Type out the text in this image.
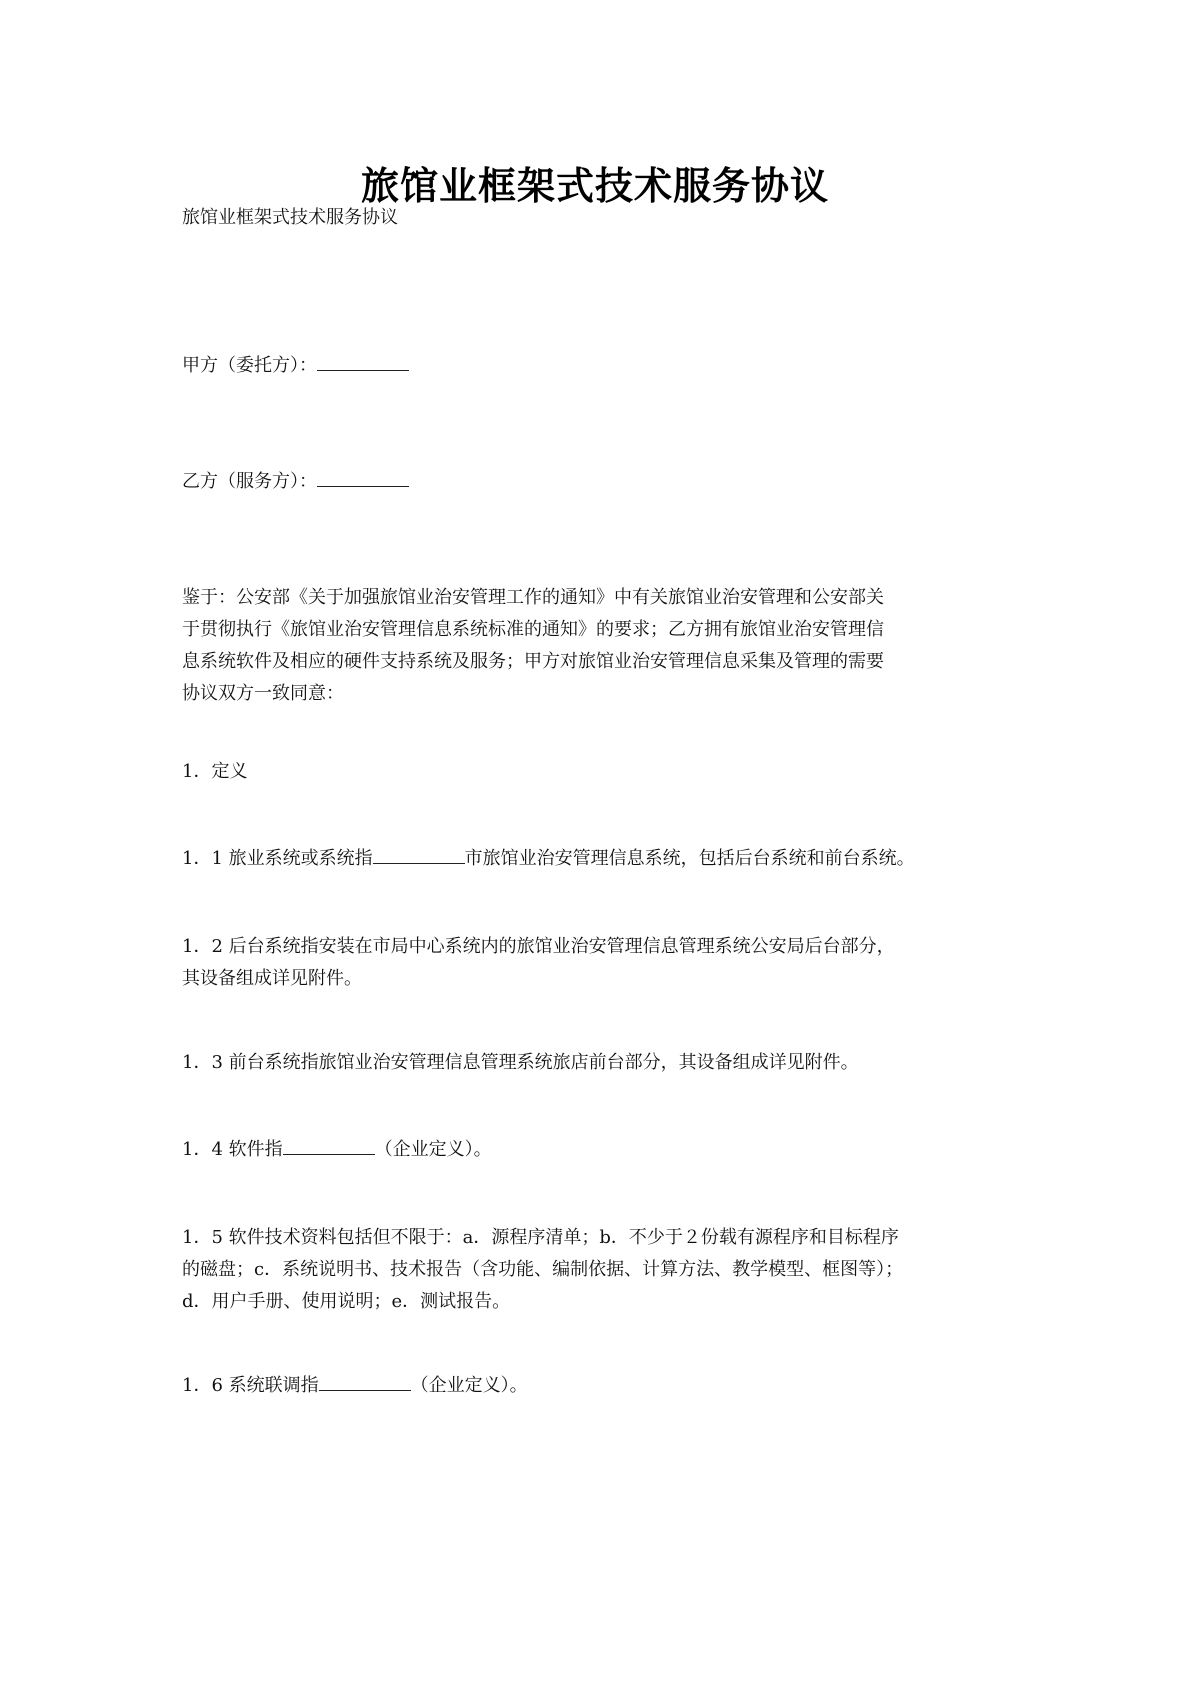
旅馆业框架式技术服务协议
旅馆业框架式技术服务协议
甲方（委托方）：
乙方（服务方）：
鉴于：公安部《关于加强旅馆业治安管理工作的通知》中有关旅馆业治安管理和公安部关
于贯彻执行《旅馆业治安管理信息系统标准的通知》的要求；乙方拥有旅馆业治安管理信
息系统软件及相应的硬件支持系统及服务；甲方对旅馆业治安管理信息采集及管理的需要
协议双方一致同意：
1．定义
1．1 旅业系统或系统指	市旅馆业治安管理信息系统，包括后台系统和前台系统。
1．2 后台系统指安装在市局中心系统内的旅馆业治安管理信息管理系统公安局后台部分，
其设备组成详见附件。
1．3 前台系统指旅馆业治安管理信息管理系统旅店前台部分，其设备组成详见附件。
1．4 软件指	（企业定义）。
1．5 软件技术资料包括但不限于：a．源程序清单；b．不少于２份载有源程序和目标程序
的磁盘；c．系统说明书、技术报告（含功能、编制依据、计算方法、教学模型、框图等）；
d．用户手册、使用说明；e．测试报告。
1．6 系统联调指	（企业定义）。
